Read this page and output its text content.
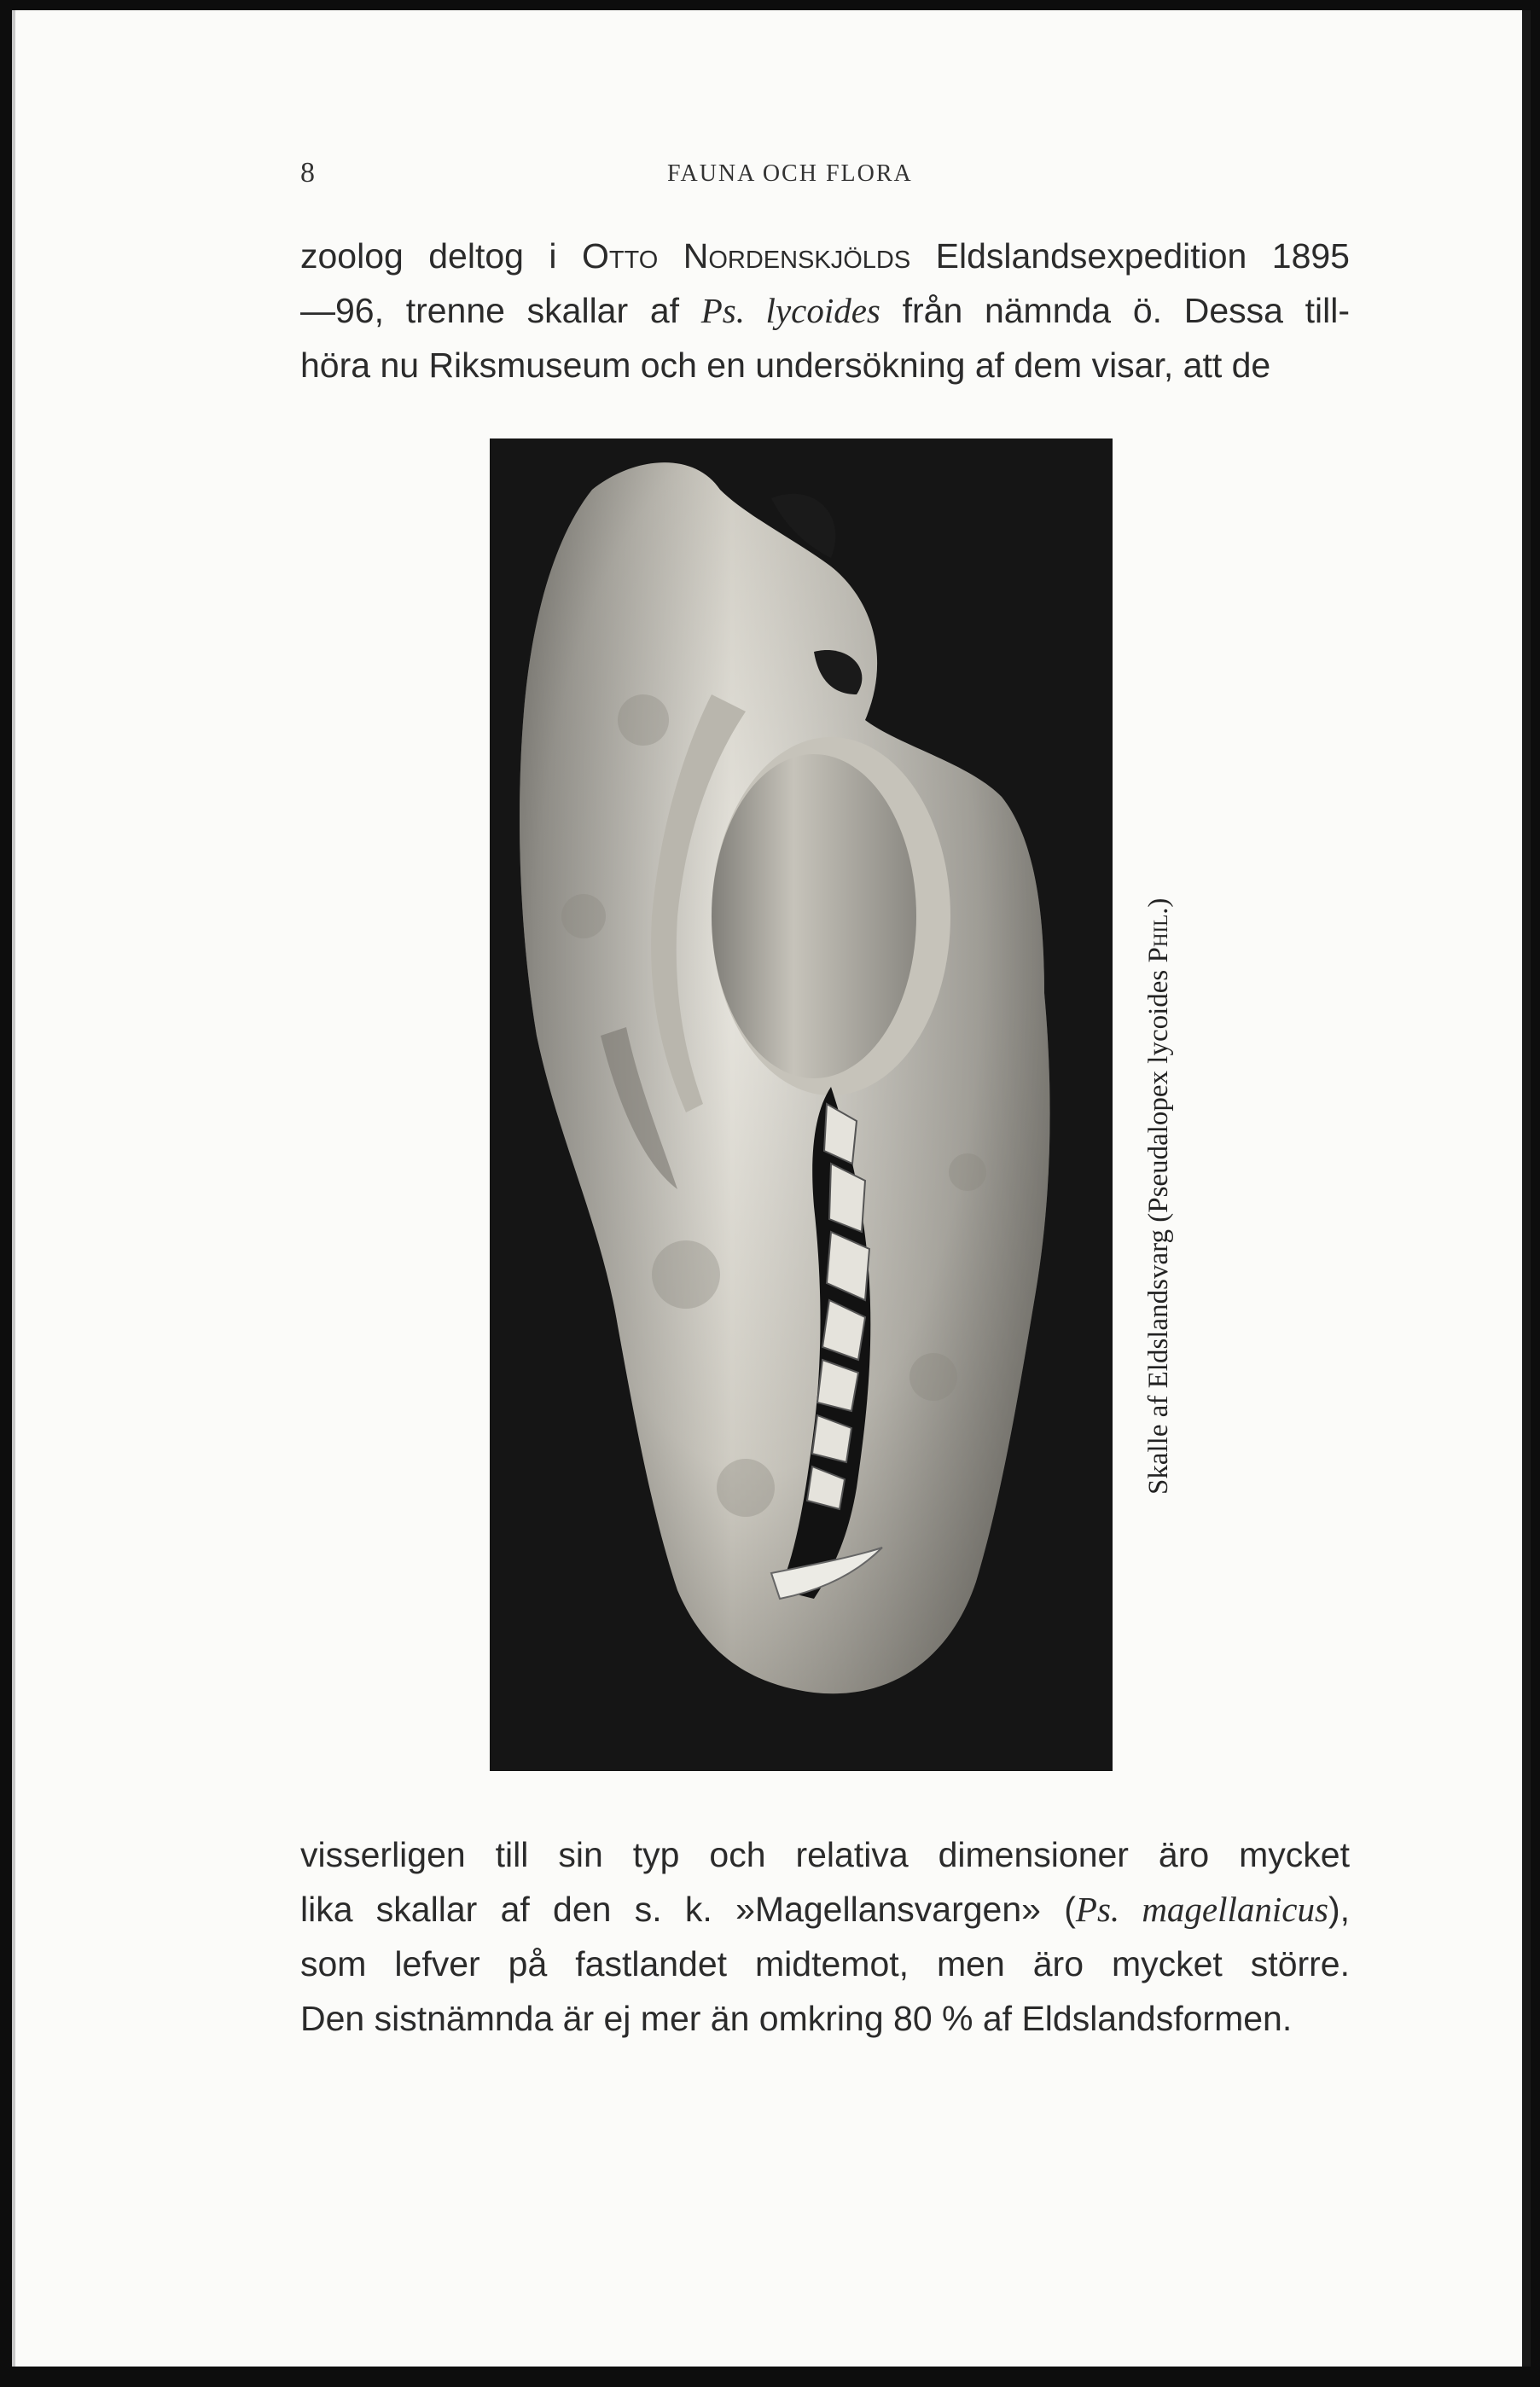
8	FAUNA OCH FLORA
zoolog deltog i Otto Nordenskjölds Eldslandsexpedition 1895
—96, trenne skallar af Ps. lycoides från nämnda ö. Dessa till-
höra nu Riksmuseum och en undersökning af dem visar, att de
Skalle af Eldslandsvarg (Pseudalopex lycoides Phil.)
visserligen till sin typ och relativa dimensioner äro mycket
lika skallar af den s. k. »Magellansvargen» (Ps. magellanicus),
som lefver på fastlandet midtemot, men äro mycket större.
Den sistnämnda är ej mer än omkring 80 % af Eldslandsformen.
